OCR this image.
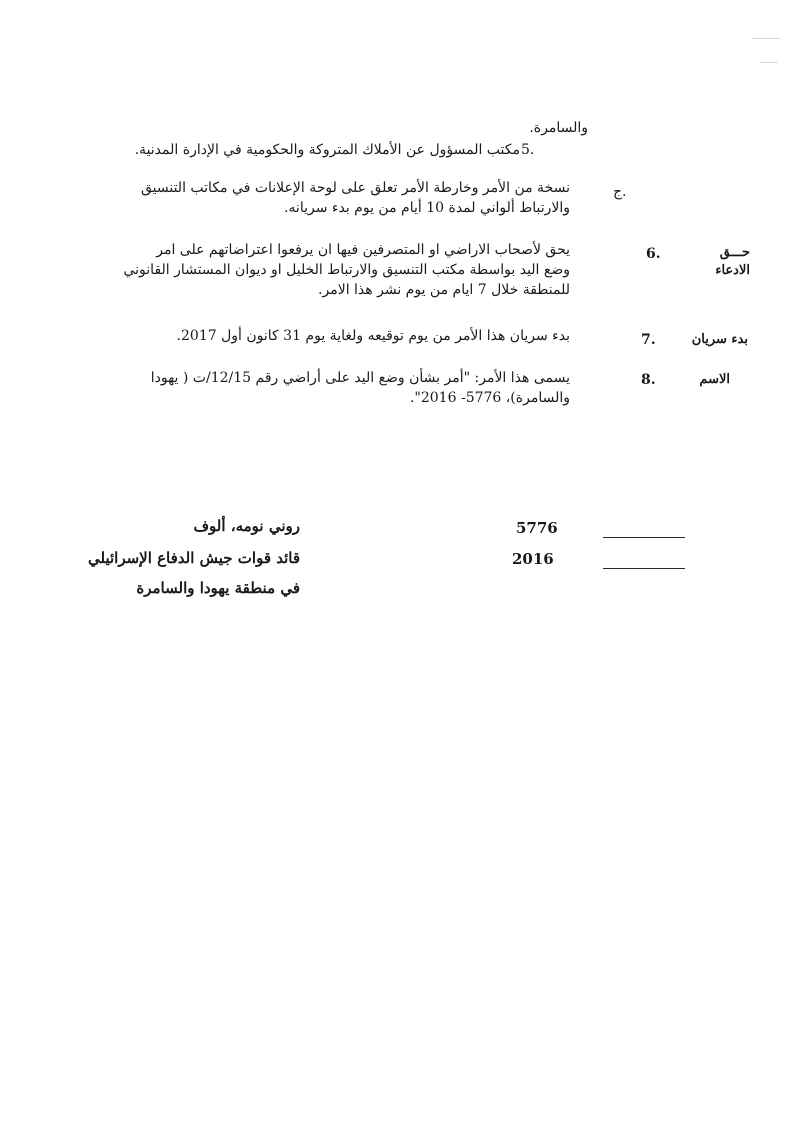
والسامرة.
مكتب المسؤول عن الأملاك المتروكة والحكومية في الإدارة المدنية. 5.
ج.
نسخة من الأمر وخارطة الأمر تعلق على لوحة الإعلانات في مكاتب التنسيق
والارتباط ألواني لمدة 10 أيام من يوم بدء سريانه.
6.	حـــق
الادعاء
يحق لأصحاب الاراضي او المتصرفين فيها ان يرفعوا اعتراضاتهم على امر
وضع اليد بواسطة مكتب التنسيق والارتباط الخليل او ديوان المستشار القانوني
للمنطقة خلال 7 ايام من يوم نشر هذا الامر.
7.	بدء سريان
بدء سريان هذا الأمر من يوم توقيعه ولغاية يوم 31 كانون أول 2017.
8.	الاسم
يسمى هذا الأمر: "أمر بشأن وضع اليد على أراضي رقم 12/15/ت ( يهودا
والسامرة)، 5776- 2016".
روني نومه، ألوف
قائد قوات جيش الدفاع الإسرائيلي
في منطقة يهودا والسامرة
5776
2016
